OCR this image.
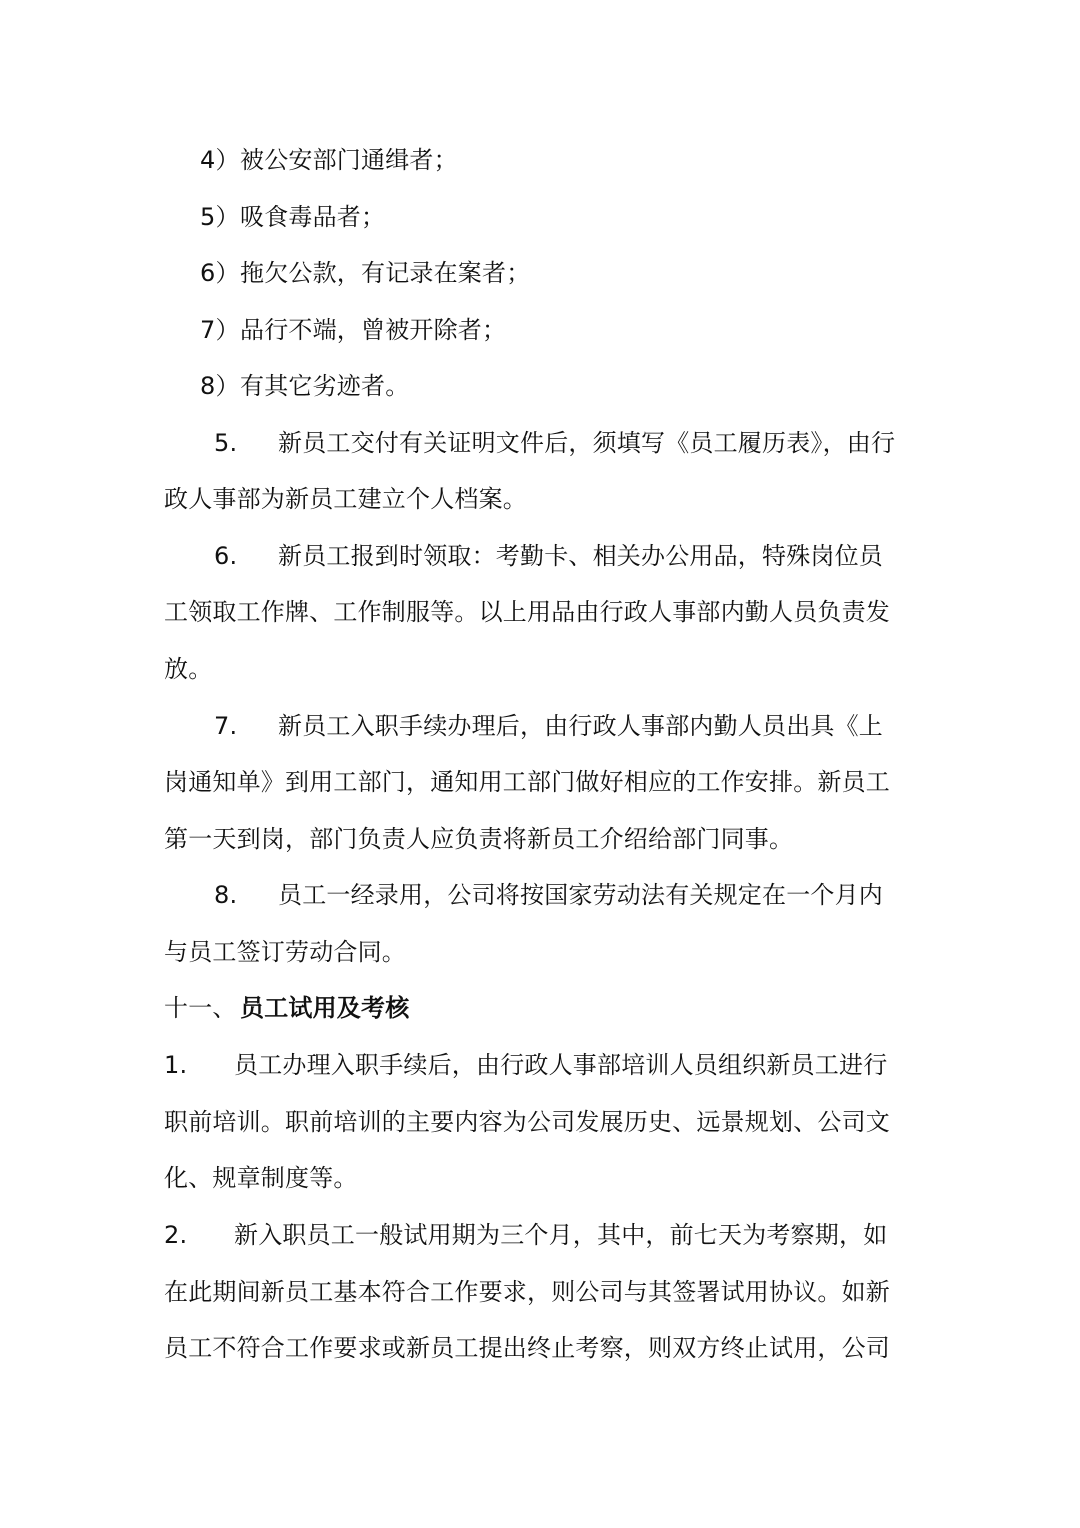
4）被公安部门通缉者；
5）吸食毒品者；
6）拖欠公款，有记录在案者；
7）品行不端，曾被开除者；
8）有其它劣迹者。
5. 新员工交付有关证明文件后，须填写《员工履历表》，由行
政人事部为新员工建立个人档案。
6. 新员工报到时领取：考勤卡、相关办公用品，特殊岗位员
工领取工作牌、工作制服等。以上用品由行政人事部内勤人员负责发
放。
7. 新员工入职手续办理后，由行政人事部内勤人员出具《上
岗通知单》到用工部门，通知用工部门做好相应的工作安排。新员工
第一天到岗，部门负责人应负责将新员工介绍给部门同事。
8. 员工一经录用，公司将按国家劳动法有关规定在一个月内
与员工签订劳动合同。
十一、 员工试用及考核
1. 员工办理入职手续后，由行政人事部培训人员组织新员工进行
职前培训。职前培训的主要内容为公司发展历史、远景规划、公司文
化、规章制度等。
2. 新入职员工一般试用期为三个月，其中，前七天为考察期，如
在此期间新员工基本符合工作要求，则公司与其签署试用协议。如新
员工不符合工作要求或新员工提出终止考察，则双方终止试用，公司
